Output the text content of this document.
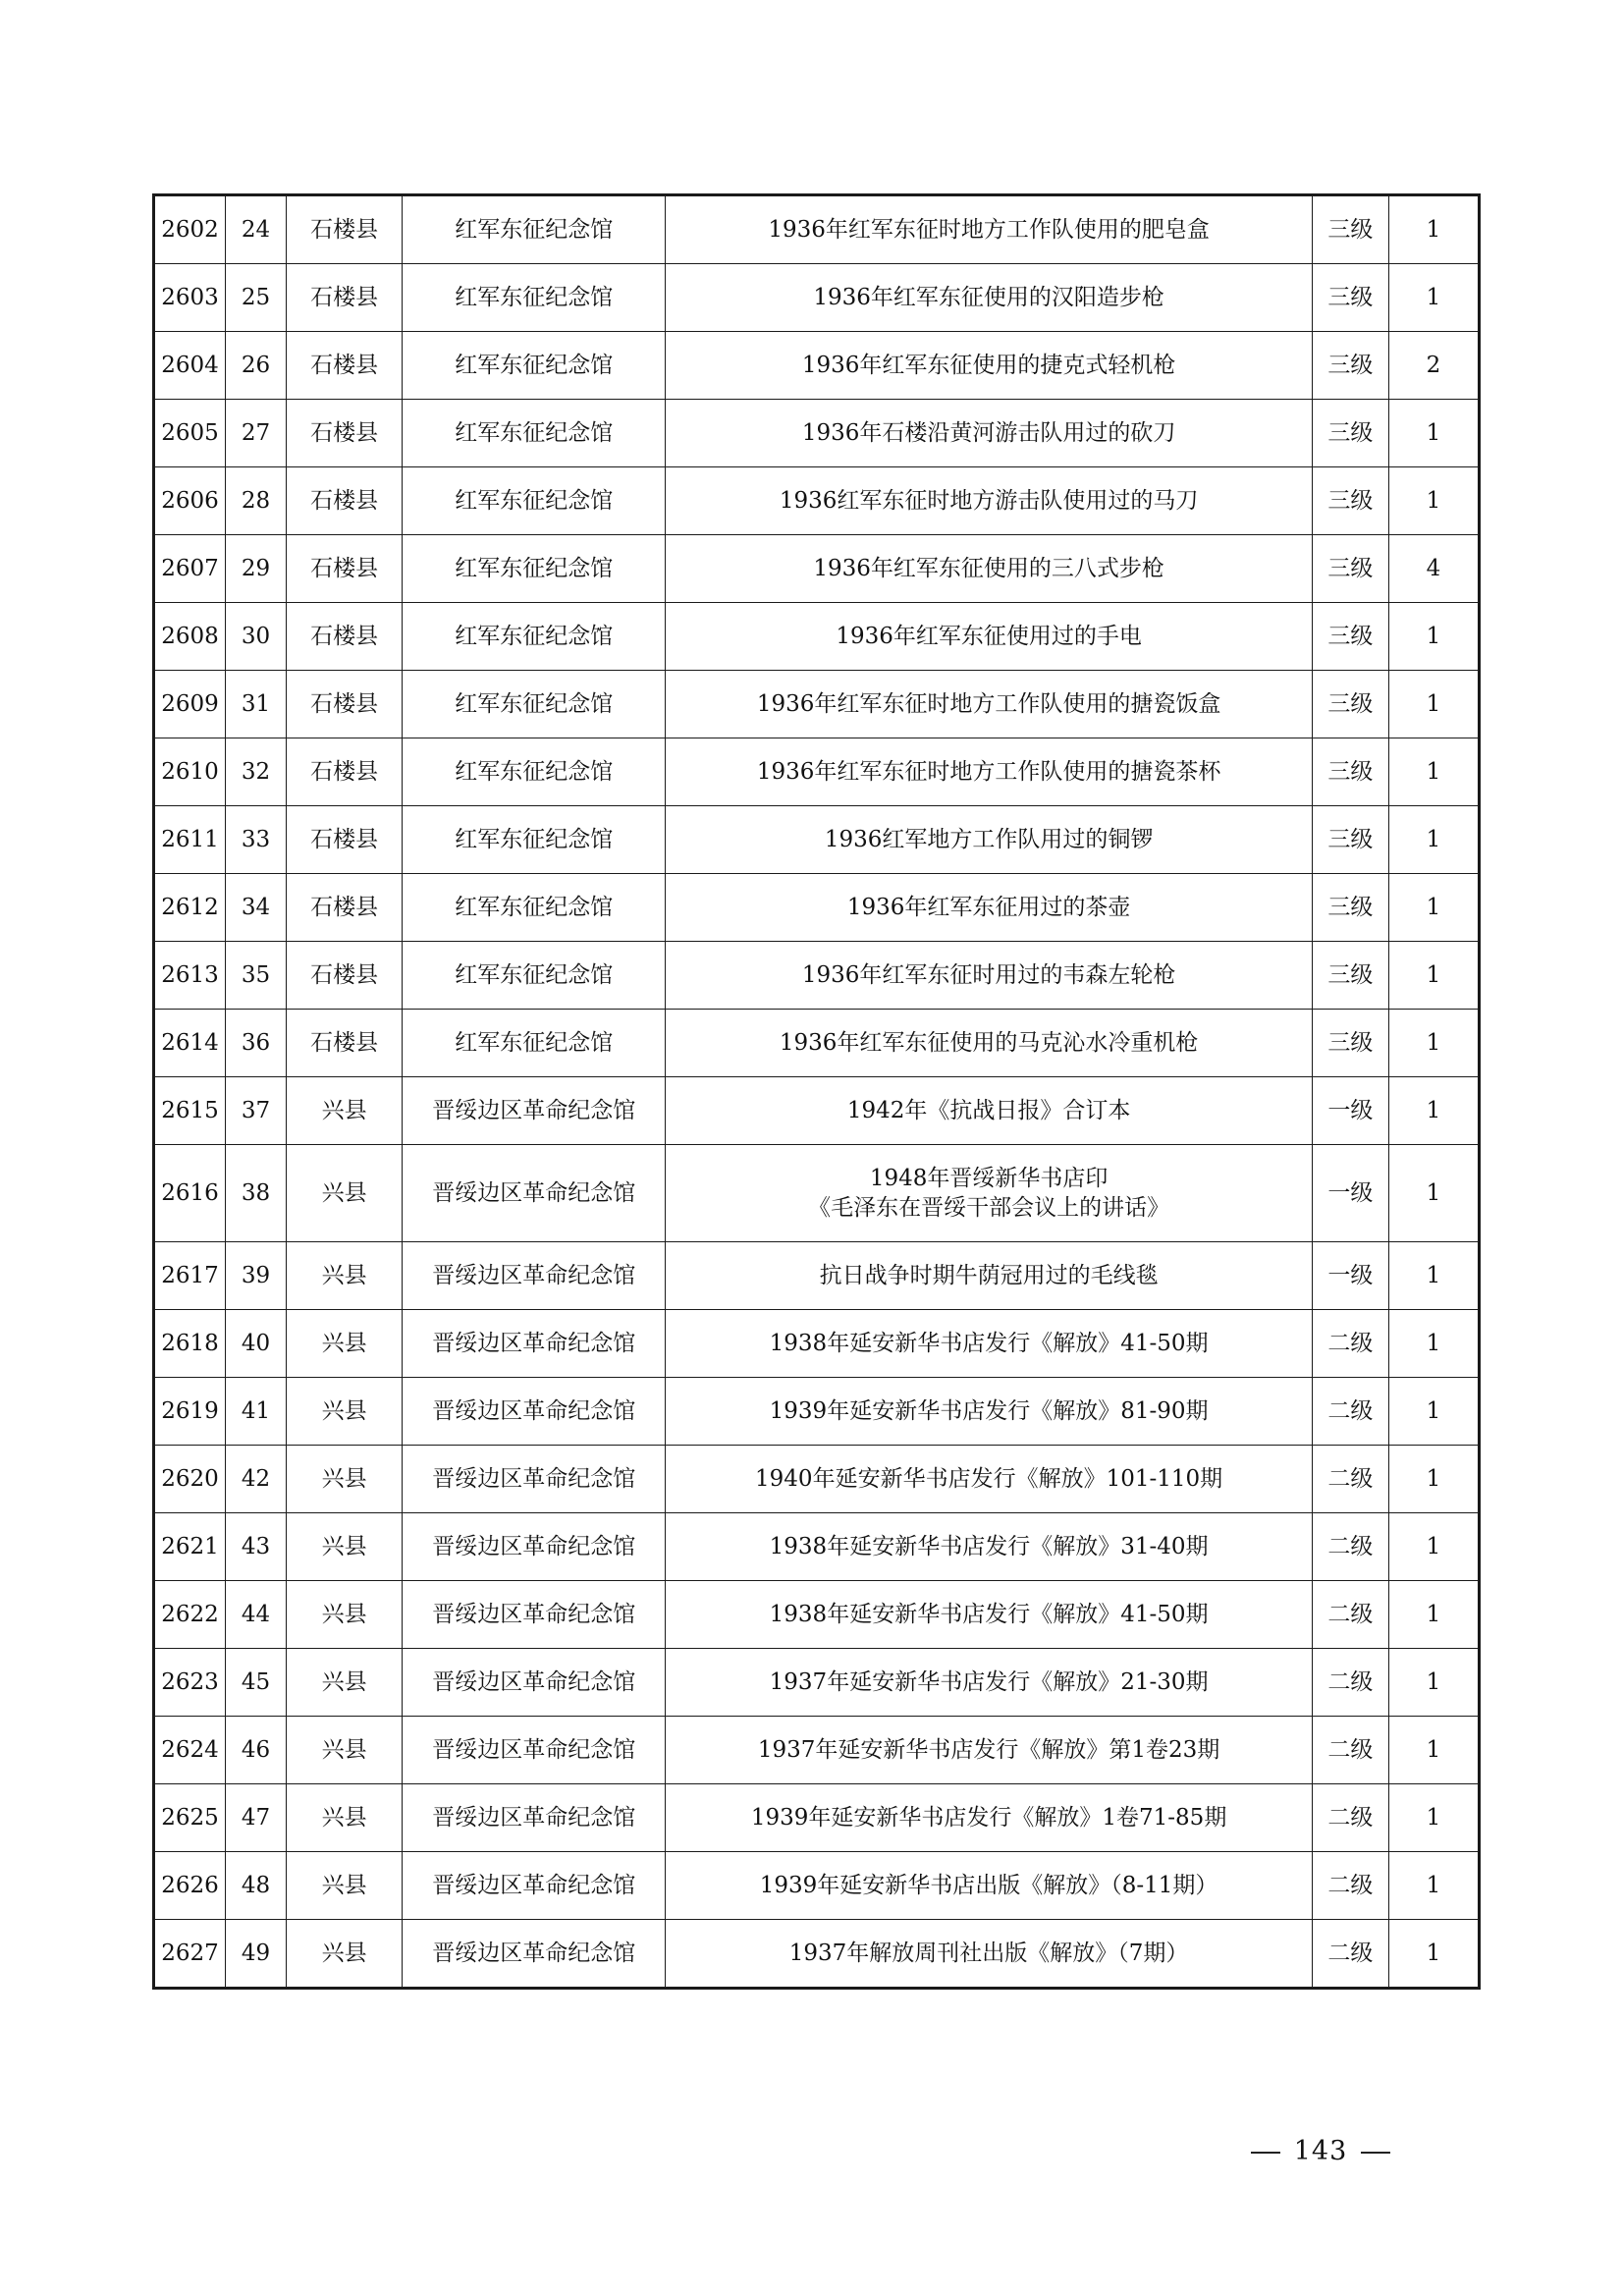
2602	24	石楼县	红军东征纪念馆	1936年红军东征时地方工作队使用的肥皂盒	三级	1
2603	25	石楼县	红军东征纪念馆	1936年红军东征使用的汉阳造步枪	三级	1
2604	26	石楼县	红军东征纪念馆	1936年红军东征使用的捷克式轻机枪	三级	2
2605	27	石楼县	红军东征纪念馆	1936年石楼沿黄河游击队用过的砍刀	三级	1
2606	28	石楼县	红军东征纪念馆	1936红军东征时地方游击队使用过的马刀	三级	1
2607	29	石楼县	红军东征纪念馆	1936年红军东征使用的三八式步枪	三级	4
2608	30	石楼县	红军东征纪念馆	1936年红军东征使用过的手电	三级	1
2609	31	石楼县	红军东征纪念馆	1936年红军东征时地方工作队使用的搪瓷饭盒	三级	1
2610	32	石楼县	红军东征纪念馆	1936年红军东征时地方工作队使用的搪瓷茶杯	三级	1
2611	33	石楼县	红军东征纪念馆	1936红军地方工作队用过的铜锣	三级	1
2612	34	石楼县	红军东征纪念馆	1936年红军东征用过的茶壶	三级	1
2613	35	石楼县	红军东征纪念馆	1936年红军东征时用过的韦森左轮枪	三级	1
2614	36	石楼县	红军东征纪念馆	1936年红军东征使用的马克沁水冷重机枪	三级	1
2615	37	兴县	晋绥边区革命纪念馆	1942年《抗战日报》合订本	一级	1
2616	38	兴县	晋绥边区革命纪念馆	1948年晋绥新华书店印
《毛泽东在晋绥干部会议上的讲话》	一级	1
2617	39	兴县	晋绥边区革命纪念馆	抗日战争时期牛荫冠用过的毛线毯	一级	1
2618	40	兴县	晋绥边区革命纪念馆	1938年延安新华书店发行《解放》41-50期	二级	1
2619	41	兴县	晋绥边区革命纪念馆	1939年延安新华书店发行《解放》81-90期	二级	1
2620	42	兴县	晋绥边区革命纪念馆	1940年延安新华书店发行《解放》101-110期	二级	1
2621	43	兴县	晋绥边区革命纪念馆	1938年延安新华书店发行《解放》31-40期	二级	1
2622	44	兴县	晋绥边区革命纪念馆	1938年延安新华书店发行《解放》41-50期	二级	1
2623	45	兴县	晋绥边区革命纪念馆	1937年延安新华书店发行《解放》21-30期	二级	1
2624	46	兴县	晋绥边区革命纪念馆	1937年延安新华书店发行《解放》第1卷23期	二级	1
2625	47	兴县	晋绥边区革命纪念馆	1939年延安新华书店发行《解放》1卷71-85期	二级	1
2626	48	兴县	晋绥边区革命纪念馆	1939年延安新华书店出版《解放》（8-11期）	二级	1
2627	49	兴县	晋绥边区革命纪念馆	1937年解放周刊社出版《解放》（7期）	二级	1
143
